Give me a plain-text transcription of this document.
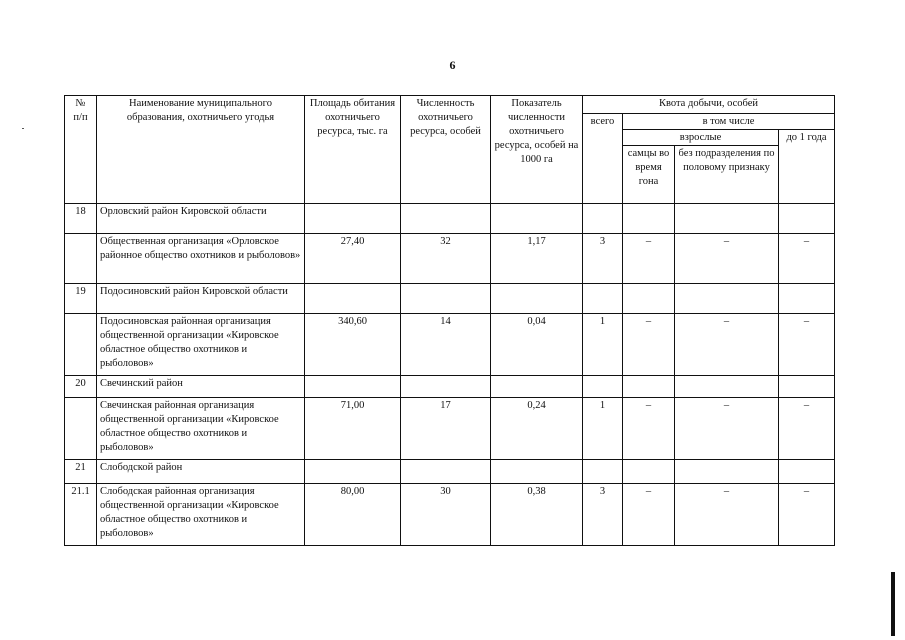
6
№
п/п	Наименование муниципального образования, охотничьего угодья	Площадь обитания охотничьего ресурса, тыс. га	Численность охотничьего ресурса, особей	Показатель численности охотничьего ресурса, особей на 1000 га	Квота добычи, особей			
					всего	в том числе		
						взрослые		до 1 года
						самцы во время гона	без подразделения по половому признаку	
18	Орловский район Кировской области							
	Общественная организация «Орловское районное общество охотников и рыболовов»	27,40	32	1,17	3	–	–	–
19	Подосиновский район Кировской области							
	Подосиновская районная организация общественной организации «Кировское областное общество охотников и рыболовов»	340,60	14	0,04	1	–	–	–
20	Свечинский район							
	Свечинская районная организация общественной организации «Кировское областное общество охотников и рыболовов»	71,00	17	0,24	1	–	–	–
21	Слободской район							
21.1	Слободская районная организация общественной организации «Кировское областное общество охотников и рыболовов»	80,00	30	0,38	3	–	–	–
